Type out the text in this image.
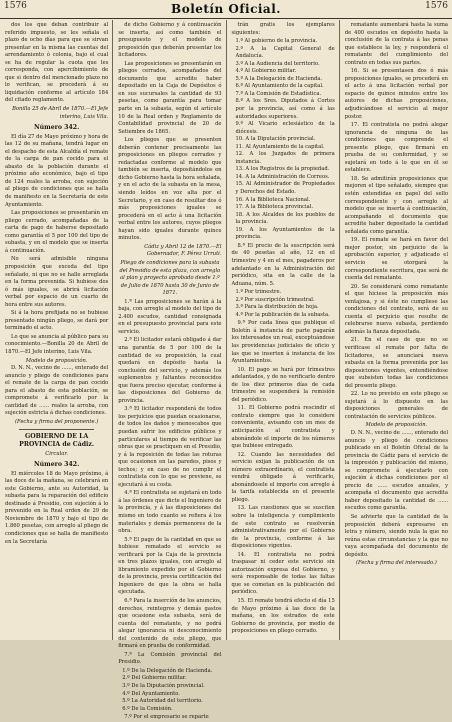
1576	Boletín Oficial.	1576

dos los que deban contribuir al referido impuesto, se les señala el plazo de ocho días para que se sirvan presentar en la misma las cuentas del arrendamiento ó colonia, bajo el cual se ha de regular la cuota que les corresponda, con apercibimiento de que si dentro del mencionado plazo no lo verifican, se procederá á su liquidación conforme al artículo 184 del citado reglamento.

Bonilla 25 de Abril de 1870.—El Jefe interino, Luis Vila.

Número 342.

El día 27 de Mayo próximo y hora de las 12 de su mañana, tendrá lugar en el despacho de esta Alcaldía el remate de la carga de pan cocido para el abasto de la población durante el próximo año económico, bajo el tipo de 124 reales la arroba, con sujeción al pliego de condiciones que se halla de manifiesto en la Secretaría de este Ayuntamiento.

Las proposiciones se presentarán en pliego cerrado, acompañadas de la carta de pago de haberse depositado como garantía el 5 por 100 del tipo de subasta, y en el modelo que se inserta á continuación.

No será admisible ninguna proposición que exceda del tipo señalado, ni que no se halle arreglada en la forma prevenida. Si hubiese dos ó más iguales, se abrirá licitación verbal por espacio de un cuarto de hora entre sus autores.

Si á la hora prefijada no se hubiese presentado ningún pliego, se dará por terminado el acto.

Lo que se anuncia al público para su conocimiento.—Bonilla 20 de Abril de 1870.—El Jefe interino, Luis Vila.

Modelo de proposición.

D. N. N., vecino de ......, enterado del anuncio y pliego de condiciones para el remate de la carga de pan cocido para el abasto de esta población, se compromete á verificarlo por la cantidad de ...... reales la arroba, con sujeción estricta á dichas condiciones.

(Fecha y firma del proponente.)

GOBIERNO DE LA PROVINCIA de Cádiz.
Circular.
Número 342.

El miércoles 18 de Mayo próximo, á las doce de la mañana, se celebrará en este Gobierno, ante su Autoridad, la subasta para la reparación del edificio destinado á Presidio, con sujeción á lo prevenido en la Real orden de 29 de Noviembre de 1870 y bajo el tipo de 1.860 pesetas, con arreglo al pliego de condiciones que se halla de manifiesto en la Secretaría

de dicho Gobierno y á continuación se inserta, así como también el presupuesto y el modelo de proposición que deberán presentar los licitadores.

Las proposiciones se presentarán en pliegos cerrados, acompañados del documento que acredite haber depositado en la Caja de Depósitos ó en sus sucursales la cantidad de 93 pesetas, como garantía para tomar parte en la subasta, según el artículo 10 de la Real orden y Reglamento de Contabilidad provincial de 20 de Setiembre de 1865.

Los pliegos que se presenten deberán contener precisamente las proposiciones en pliegos cerrados y redactadas conforme al modelo que también se inserta, depositándolos en dicho Gobierno hasta la hora señalada, y en el acto de la subasta en la mesa, siendo leídos en voz alta por el Secretario, y en caso de resultar dos ó más proposiciones iguales se procederá en el acto á una licitación verbal entre los autores, cuyos pliegos hayan sido iguales durante quince minutos.

Cádiz y Abril 12 de 1870.—El Gobernador, F. Pérez Urruti.

Pliego de condiciones para la subasta del Presidio de esta plaza, con arreglo al plan y proyecto aprobado desde 1.º de Julio de 1870 hasta 30 de Junio de 1871.

1.ª Las proposiciones se harán á la baja, con arreglo al modelo del tipo de 2.400 escudos, cantidad consignada en el presupuesto provincial para este servicio.

2.ª El licitador estará obligado á dar una garantía de 5 por 100 de la cantidad de su proposición, la cual quedará en depósito hasta la conclusión del servicio, y además los suplementos y faltantes reconocidos que fuera preciso ejecutar, conforme á las disposiciones del Gobierno de provincia.

3.ª El licitador responderá de todos los perjuicios que puedan ocasionarse, de todos los daños y menoscabos que puedan sufrir los edificios públicos y particulares al tiempo de verificar las obras que se practiquen en el Presidio, y á la reposición de todas las roturas que ocasionen en las paredes, pisos y techos; y en caso de no cumplir el contratista con lo que se previene, se ejecutará á su costa.

4.ª El contratista se sujetará en todo á las órdenes que dicte el Ingeniero de la provincia, y á las disposiciones del mismo en todo cuanto se refiera á los materiales y demás pormenores de la obra.

5.ª El pago de la cantidad en que se hubiese rematado el servicio se verificará por la Caja de la provincia en tres plazos iguales, con arreglo al libramiento expedido por el Gobierno de la provincia, previa certificación del Ingeniero de que la obra se halla ejecutada.

6.ª Para la inserción de los anuncios, derechos, reintegros y demás gastos que ocasione esta subasta, será de cuenta del rematante, y no podrá alegar ignorancia ni desconocimiento del contenido de este pliego, que firmará en prueba de conformidad.

7.ª La Comisión provincial del Presidio.

1.º De la Delegación de Hacienda.
2.º Del Gobierno militar.
3.º De la Diputación provincial.
4.º Del Ayuntamiento.
5.º La Autoridad del territorio.
6.º De la Comisión.

7.º Por el empresario se reparte

trán gratis los ejemplares siguientes:

1.º Al gobierno de la provincia.
2.º A la Capital General de Andalucía.
3.º A la Audiencia del territorio.
4.º Al Gobierno militar.
5.º A la Delegación de Hacienda.
6.º Al Ayuntamiento de la capital.
7.º A la Comisión de Estadística.
8.º A los Sres. Diputados á Cortes por la provincia, así como á las autoridades superiores.
9.º Al Vicario eclesiástico de la diócesis.
10. A la Diputación provincial.
11. Al Ayuntamiento de la capital.
12. A los Juzgados de primera instancia.
13. A los Registros de la propiedad.
14. A la Administración de Correos.
15. Al Administrador de Propiedades y Derechos del Estado.
16. A la Biblioteca Nacional.
17. A la Biblioteca provincial.
18. A los Alcaldes de los pueblos de la provincia.
19. A los Ayuntamientos de la provincia.

8.ª El precio de la suscripción será de 40 pesetas al año, 12 en el trimestre y 4 en el mes, pagaderos por adelantado en la Administración del periódico, sita en la calle de la Aduana, núm. 5.

1.º Por trimestre.
2.º Por suscripción trimestral.
3.º Para la distribución de hoja.
4.º Por la publicación de la subasta.

9.ª Por cada línea que publique el Boletín á instancia de parte pagarán los interesados un real, exceptuándose las providencias judiciales de oficio y las que se inserten á instancia de los Ayuntamientos.

10. El pago se hará por trimestres adelantados, y de no verificarlo dentro de los diez primeros días de cada trimestre se suspenderá la remisión del periódico.

11. El Gobierno podrá rescindir el contrato siempre que lo considere conveniente, avisando con un mes de anticipación al contratista y abonándole el importe de los números que hubiese entregado.

12. Cuando las necesidades del servicio exijan la publicación de un número extraordinario, el contratista vendrá obligado á verificarlo, abonándosele el importe con arreglo á la tarifa establecida en el presente pliego.

13. Las cuestiones que se susciten sobre la inteligencia y cumplimiento de este contrato se resolverán administrativamente por el Gobierno de la provincia, conforme á las disposiciones vigentes.

14. El contratista no podrá traspasar ni ceder este servicio sin autorización expresa del Gobierno, y será responsable de todas las faltas que se cometan en la publicación del periódico.

15. El remate tendrá efecto el día 15 de Mayo próximo á las doce de la mañana, en los estrados de este Gobierno de provincia, por medio de proposiciones en pliego cerrado.

rematante aumentará hasta la suma de 400 escudos en depósito hasta la conclusión de la contrata á las penas que establece la ley, y responderá el rematante del cumplimiento del contrato en todas sus partes.

16. Si se presentasen dos ó más proposiciones iguales, se procederá en el acto á una licitación verbal por espacio de quince minutos entre los autores de dichas proposiciones, adjudicándose el servicio al mejor postor.

17. El contratista no podrá alegar ignorancia de ninguna de las condiciones que comprende el presente pliego, que firmará en prueba de su conformidad, y se sujetará en todo á lo que en él se establece.

18. Se admitirán proposiciones que mejoren el tipo señalado, siempre que estén extendidas en papel del sello correspondiente y con arreglo al modelo que se inserta á continuación, acompañando el documento que acredite haber depositado la cantidad señalada como garantía.

19. El remate se hará en favor del mejor postor, sin perjuicio de la aprobación superior, y adjudicado el servicio se otorgará la correspondiente escritura, que será de cuenta del rematante.

20. Se considerará como rematante el que hiciese la proposición más ventajosa, y si éste no cumpliese las condiciones del contrato, será de su cuenta el perjuicio que resulte de celebrarse nueva subasta, perdiendo además la fianza depositada.

21. En el caso de que no se verificase el remate por falta de licitadores, se anunciará nueva subasta en la forma prevenida por las disposiciones vigentes, entendiéndose que subsisten todas las condiciones del presente pliego.

22. Lo no previsto en este pliego se sujetará á lo dispuesto en las disposiciones generales de contratación de servicios públicos.

Modelo de proposición.

D. N. N., vecino de ......, enterado del anuncio y pliego de condiciones publicado en el Boletín Oficial de la provincia de Cádiz para el servicio de la impresión y publicación del mismo, se compromete á ejecutarlo con sujeción á dichas condiciones por el precio de ...... escudos anuales, y acompaña el documento que acredita haber depositado la cantidad de ...... escudos como garantía.

Se advierte que la cantidad de la proposición deberá expresarse en letra y número, siendo nula la que no reúna estas circunstancias y la que no vaya acompañada del documento de depósito.

(Fecha y firma del interesado.)
